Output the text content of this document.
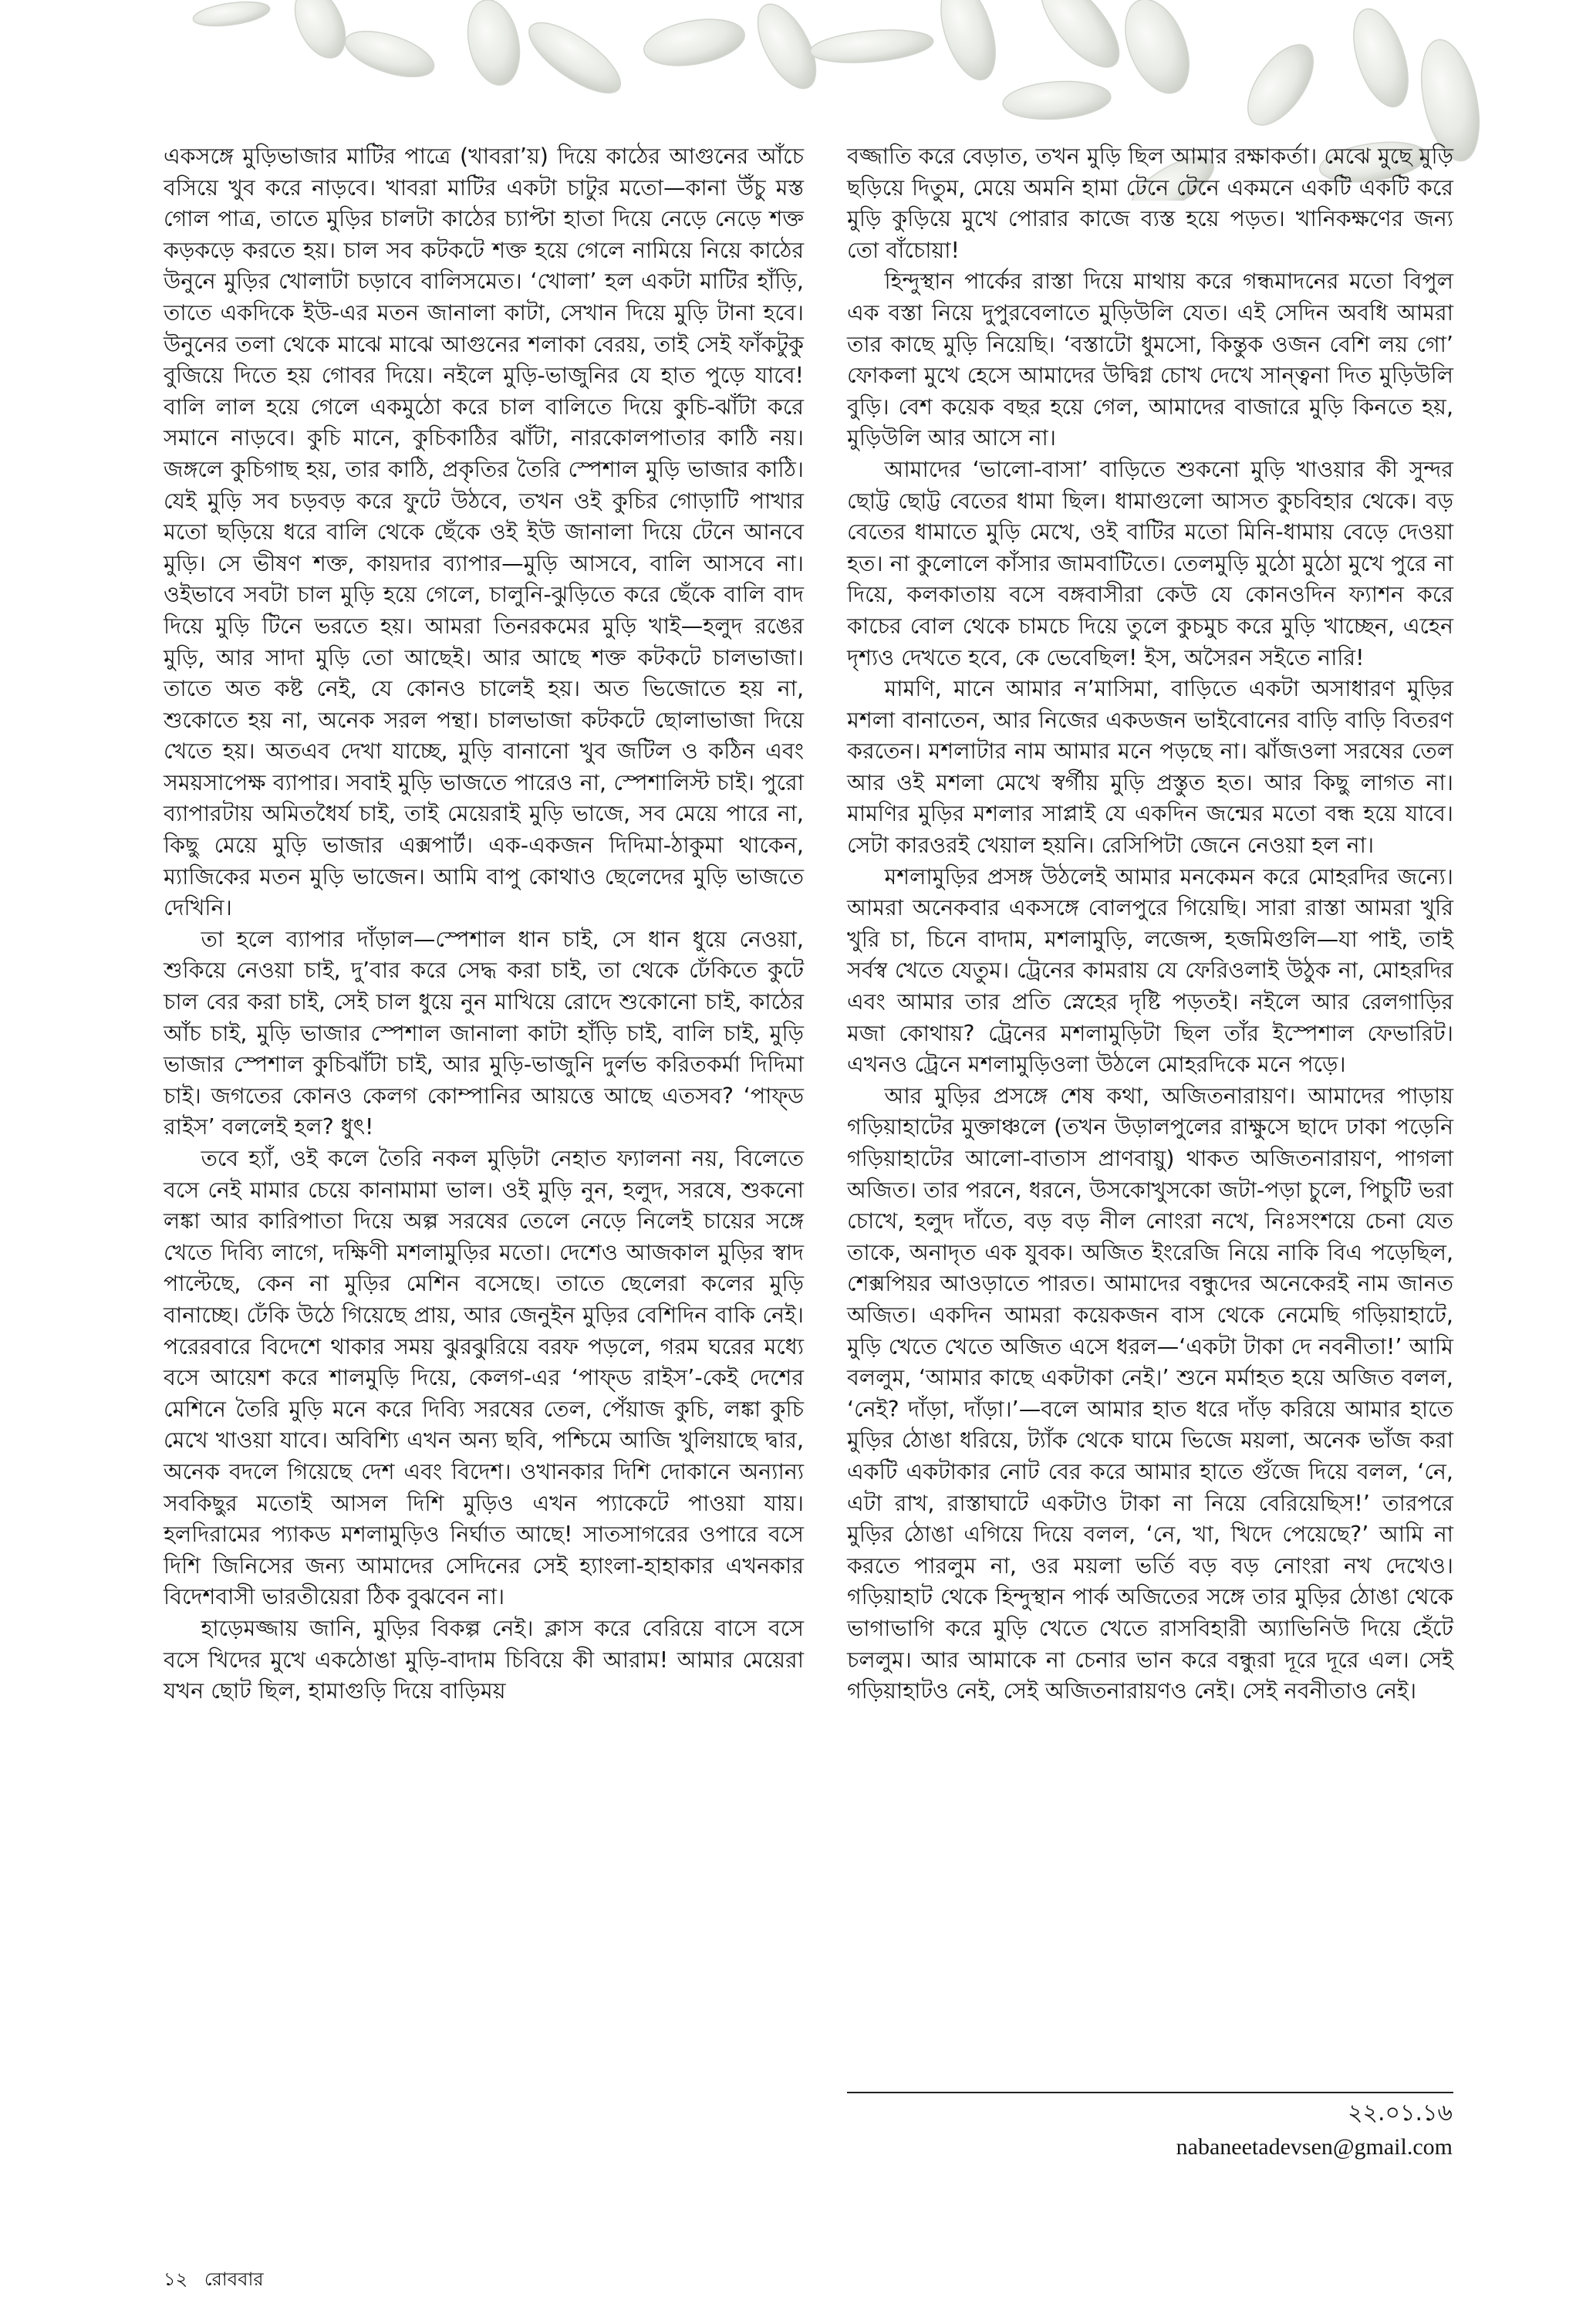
একসঙ্গে মুড়িভাজার মাটির পাত্রে (খাবরা’য়) দিয়ে কাঠের আগুনের আঁচে বসিয়ে খুব করে নাড়বে। খাবরা মাটির একটা চাটুর মতো—কানা উঁচু মস্ত গোল পাত্র, তাতে মুড়ির চালটা কাঠের চ্যাপ্টা হাতা দিয়ে নেড়ে নেড়ে শক্ত কড়কড়ে করতে হয়। চাল সব কটকটে শক্ত হয়ে গেলে নামিয়ে নিয়ে কাঠের উনুনে মুড়ির খোলাটা চড়াবে বালিসমেত। ‘খোলা’ হল একটা মাটির হাঁড়ি, তাতে একদিকে ইউ-এর মতন জানালা কাটা, সেখান দিয়ে মুড়ি টানা হবে। উনুনের তলা থেকে মাঝে মাঝে আগুনের শলাকা বেরয়, তাই সেই ফাঁকটুকু বুজিয়ে দিতে হয় গোবর দিয়ে। নইলে মুড়ি-ভাজুনির যে হাত পুড়ে যাবে! বালি লাল হয়ে গেলে একমুঠো করে চাল বালিতে দিয়ে কুচি-ঝাঁটা করে সমানে নাড়বে। কুচি মানে, কুচিকাঠির ঝাঁটা, নারকোলপাতার কাঠি নয়। জঙ্গলে কুচিগাছ হয়, তার কাঠি, প্রকৃতির তৈরি স্পেশাল মুড়ি ভাজার কাঠি। যেই মুড়ি সব চড়বড় করে ফুটে উঠবে, তখন ওই কুচির গোড়াটি পাখার মতো ছড়িয়ে ধরে বালি থেকে ছেঁকে ওই ইউ জানালা দিয়ে টেনে আনবে মুড়ি। সে ভীষণ শক্ত, কায়দার ব্যাপার—মুড়ি আসবে, বালি আসবে না। ওইভাবে সবটা চাল মুড়ি হয়ে গেলে, চালুনি-ঝুড়িতে করে ছেঁকে বালি বাদ দিয়ে মুড়ি টিনে ভরতে হয়। আমরা তিনরকমের মুড়ি খাই—হলুদ রঙের মুড়ি, আর সাদা মুড়ি তো আছেই। আর আছে শক্ত কটকটে চালভাজা। তাতে অত কষ্ট নেই, যে কোনও চালেই হয়। অত ভিজোতে হয় না, শুকোতে হয় না, অনেক সরল পন্থা। চালভাজা কটকটে ছোলাভাজা দিয়ে খেতে হয়। অতএব দেখা যাচ্ছে, মুড়ি বানানো খুব জটিল ও কঠিন এবং সময়সাপেক্ষ ব্যাপার। সবাই মুড়ি ভাজতে পারেও না, স্পেশালিস্ট চাই। পুরো ব্যাপারটায় অমিতধৈর্য চাই, তাই মেয়েরাই মুড়ি ভাজে, সব মেয়ে পারে না, কিছু মেয়ে মুড়ি ভাজার এক্সপার্ট। এক-একজন দিদিমা-ঠাকুমা থাকেন, ম্যাজিকের মতন মুড়ি ভাজেন। আমি বাপু কোথাও ছেলেদের মুড়ি ভাজতে দেখিনি।

তা হলে ব্যাপার দাঁড়াল—স্পেশাল ধান চাই, সে ধান ধুয়ে নেওয়া, শুকিয়ে নেওয়া চাই, দু’বার করে সেদ্ধ করা চাই, তা থেকে ঢেঁকিতে কুটে চাল বের করা চাই, সেই চাল ধুয়ে নুন মাখিয়ে রোদে শুকোনো চাই, কাঠের আঁচ চাই, মুড়ি ভাজার স্পেশাল জানালা কাটা হাঁড়ি চাই, বালি চাই, মুড়ি ভাজার স্পেশাল কুচিঝাঁটা চাই, আর মুড়ি-ভাজুনি দুর্লভ করিতকর্মা দিদিমা চাই। জগতের কোনও কেলগ কোম্পানির আয়ত্তে আছে এতসব? ‘পাফ্ড রাইস’ বললেই হল? ধুৎ!

তবে হ্যাঁ, ওই কলে তৈরি নকল মুড়িটা নেহাত ফ্যালনা নয়, বিলেতে বসে নেই মামার চেয়ে কানামামা ভাল। ওই মুড়ি নুন, হলুদ, সরষে, শুকনো লঙ্কা আর কারিপাতা দিয়ে অল্প সরষের তেলে নেড়ে নিলেই চায়ের সঙ্গে খেতে দিব্যি লাগে, দক্ষিণী মশলামুড়ির মতো। দেশেও আজকাল মুড়ির স্বাদ পাল্টেছে, কেন না মুড়ির মেশিন বসেছে। তাতে ছেলেরা কলের মুড়ি বানাচ্ছে। ঢেঁকি উঠে গিয়েছে প্রায়, আর জেনুইন মুড়ির বেশিদিন বাকি নেই। পরেরবারে বিদেশে থাকার সময় ঝুরঝুরিয়ে বরফ পড়লে, গরম ঘরের মধ্যে বসে আয়েশ করে শালমুড়ি দিয়ে, কেলগ-এর ‘পাফ্ড রাইস’-কেই দেশের মেশিনে তৈরি মুড়ি মনে করে দিব্যি সরষের তেল, পেঁয়াজ কুচি, লঙ্কা কুচি মেখে খাওয়া যাবে। অবিশ্যি এখন অন্য ছবি, পশ্চিমে আজি খুলিয়াছে দ্বার, অনেক বদলে গিয়েছে দেশ এবং বিদেশ। ওখানকার দিশি দোকানে অন্যান্য সবকিছুর মতোই আসল দিশি মুড়িও এখন প্যাকেটে পাওয়া যায়। হলদিরামের প্যাকড মশলামুড়িও নির্ঘাত আছে! সাতসাগরের ওপারে বসে দিশি জিনিসের জন্য আমাদের সেদিনের সেই হ্যাংলা-হাহাকার এখনকার বিদেশবাসী ভারতীয়েরা ঠিক বুঝবেন না।

হাড়েমজ্জায় জানি, মুড়ির বিকল্প নেই। ক্লাস করে বেরিয়ে বাসে বসে বসে খিদের মুখে একঠোঙা মুড়ি-বাদাম চিবিয়ে কী আরাম! আমার মেয়েরা যখন ছোট ছিল, হামাগুড়ি দিয়ে বাড়িময়

বজ্জাতি করে বেড়াত, তখন মুড়ি ছিল আমার রক্ষাকর্তা। মেঝে মুছে মুড়ি ছড়িয়ে দিতুম, মেয়ে অমনি হামা টেনে টেনে একমনে একটি একটি করে মুড়ি কুড়িয়ে মুখে পোরার কাজে ব্যস্ত হয়ে পড়ত। খানিকক্ষণের জন্য তো বাঁচোয়া!

হিন্দুস্থান পার্কের রাস্তা দিয়ে মাথায় করে গন্ধমাদনের মতো বিপুল এক বস্তা নিয়ে দুপুরবেলাতে মুড়িউলি যেত। এই সেদিন অবধি আমরা তার কাছে মুড়ি নিয়েছি। ‘বস্তাটো ধুমসো, কিন্তুক ওজন বেশি লয় গো’ ফোকলা মুখে হেসে আমাদের উদ্বিগ্ন চোখ দেখে সান্ত্বনা দিত মুড়িউলি বুড়ি। বেশ কয়েক বছর হয়ে গেল, আমাদের বাজারে মুড়ি কিনতে হয়, মুড়িউলি আর আসে না।

আমাদের ‘ভালো-বাসা’ বাড়িতে শুকনো মুড়ি খাওয়ার কী সুন্দর ছোট্ট ছোট্ট বেতের ধামা ছিল। ধামাগুলো আসত কুচবিহার থেকে। বড় বেতের ধামাতে মুড়ি মেখে, ওই বাটির মতো মিনি-ধামায় বেড়ে দেওয়া হত। না কুলোলে কাঁসার জামবাটিতে। তেলমুড়ি মুঠো মুঠো মুখে পুরে না দিয়ে, কলকাতায় বসে বঙ্গবাসীরা কেউ যে কোনওদিন ফ্যাশন করে কাচের বোল থেকে চামচে দিয়ে তুলে কুচমুচ করে মুড়ি খাচ্ছেন, এহেন দৃশ্যও দেখতে হবে, কে ভেবেছিল! ইস, অসৈরন সইতে নারি!

মামণি, মানে আমার ন’মাসিমা, বাড়িতে একটা অসাধারণ মুড়ির মশলা বানাতেন, আর নিজের একডজন ভাইবোনের বাড়ি বাড়ি বিতরণ করতেন। মশলাটার নাম আমার মনে পড়ছে না। ঝাঁজওলা সরষের তেল আর ওই মশলা মেখে স্বর্গীয় মুড়ি প্রস্তুত হত। আর কিছু লাগত না। মামণির মুড়ির মশলার সাপ্লাই যে একদিন জন্মের মতো বন্ধ হয়ে যাবে। সেটা কারওরই খেয়াল হয়নি। রেসিপিটা জেনে নেওয়া হল না।

মশলামুড়ির প্রসঙ্গ উঠলেই আমার মনকেমন করে মোহরদির জন্যে। আমরা অনেকবার একসঙ্গে বোলপুরে গিয়েছি। সারা রাস্তা আমরা খুরি খুরি চা, চিনে বাদাম, মশলামুড়ি, লজেন্স, হজমিগুলি—যা পাই, তাই সর্বস্ব খেতে যেতুম। ট্রেনের কামরায় যে ফেরিওলাই উঠুক না, মোহরদির এবং আমার তার প্রতি স্নেহের দৃষ্টি পড়তই। নইলে আর রেলগাড়ির মজা কোথায়? ট্রেনের মশলামুড়িটা ছিল তাঁর ইস্পেশাল ফেভারিট। এখনও ট্রেনে মশলামুড়িওলা উঠলে মোহরদিকে মনে পড়ে।

আর মুড়ির প্রসঙ্গে শেষ কথা, অজিতনারায়ণ। আমাদের পাড়ায় গড়িয়াহাটের মুক্তাঞ্চলে (তখন উড়ালপুলের রাক্ষুসে ছাদে ঢাকা পড়েনি গড়িয়াহাটের আলো-বাতাস প্রাণবায়ু) থাকত অজিতনারায়ণ, পাগলা অজিত। তার পরনে, ধরনে, উসকোখুসকো জটা-পড়া চুলে, পিচুটি ভরা চোখে, হলুদ দাঁতে, বড় বড় নীল নোংরা নখে, নিঃসংশয়ে চেনা যেত তাকে, অনাদৃত এক যুবক। অজিত ইংরেজি নিয়ে নাকি বিএ পড়েছিল, শেক্সপিয়র আওড়াতে পারত। আমাদের বন্ধুদের অনেকেরই নাম জানত অজিত। একদিন আমরা কয়েকজন বাস থেকে নেমেছি গড়িয়াহাটে, মুড়ি খেতে খেতে অজিত এসে ধরল—‘একটা টাকা দে নবনীতা!’ আমি বললুম, ‘আমার কাছে একটাকা নেই।’ শুনে মর্মাহত হয়ে অজিত বলল, ‘নেই? দাঁড়া, দাঁড়া।’—বলে আমার হাত ধরে দাঁড় করিয়ে আমার হাতে মুড়ির ঠোঙা ধরিয়ে, ট্যাঁক থেকে ঘামে ভিজে ময়লা, অনেক ভাঁজ করা একটি একটাকার নোট বের করে আমার হাতে গুঁজে দিয়ে বলল, ‘নে, এটা রাখ, রাস্তাঘাটে একটাও টাকা না নিয়ে বেরিয়েছিস!’ তারপরে মুড়ির ঠোঙা এগিয়ে দিয়ে বলল, ‘নে, খা, খিদে পেয়েছে?’ আমি না করতে পারলুম না, ওর ময়লা ভর্তি বড় বড় নোংরা নখ দেখেও। গড়িয়াহাট থেকে হিন্দুস্থান পার্ক অজিতের সঙ্গে তার মুড়ির ঠোঙা থেকে ভাগাভাগি করে মুড়ি খেতে খেতে রাসবিহারী অ্যাভিনিউ দিয়ে হেঁটে চললুম। আর আমাকে না চেনার ভান করে বন্ধুরা দূরে দূরে এল। সেই গড়িয়াহাটও নেই, সেই অজিতনারায়ণও নেই। সেই নবনীতাও নেই।

২২.০১.১৬
nabaneetadevsen@gmail.com
১২ রোববার
